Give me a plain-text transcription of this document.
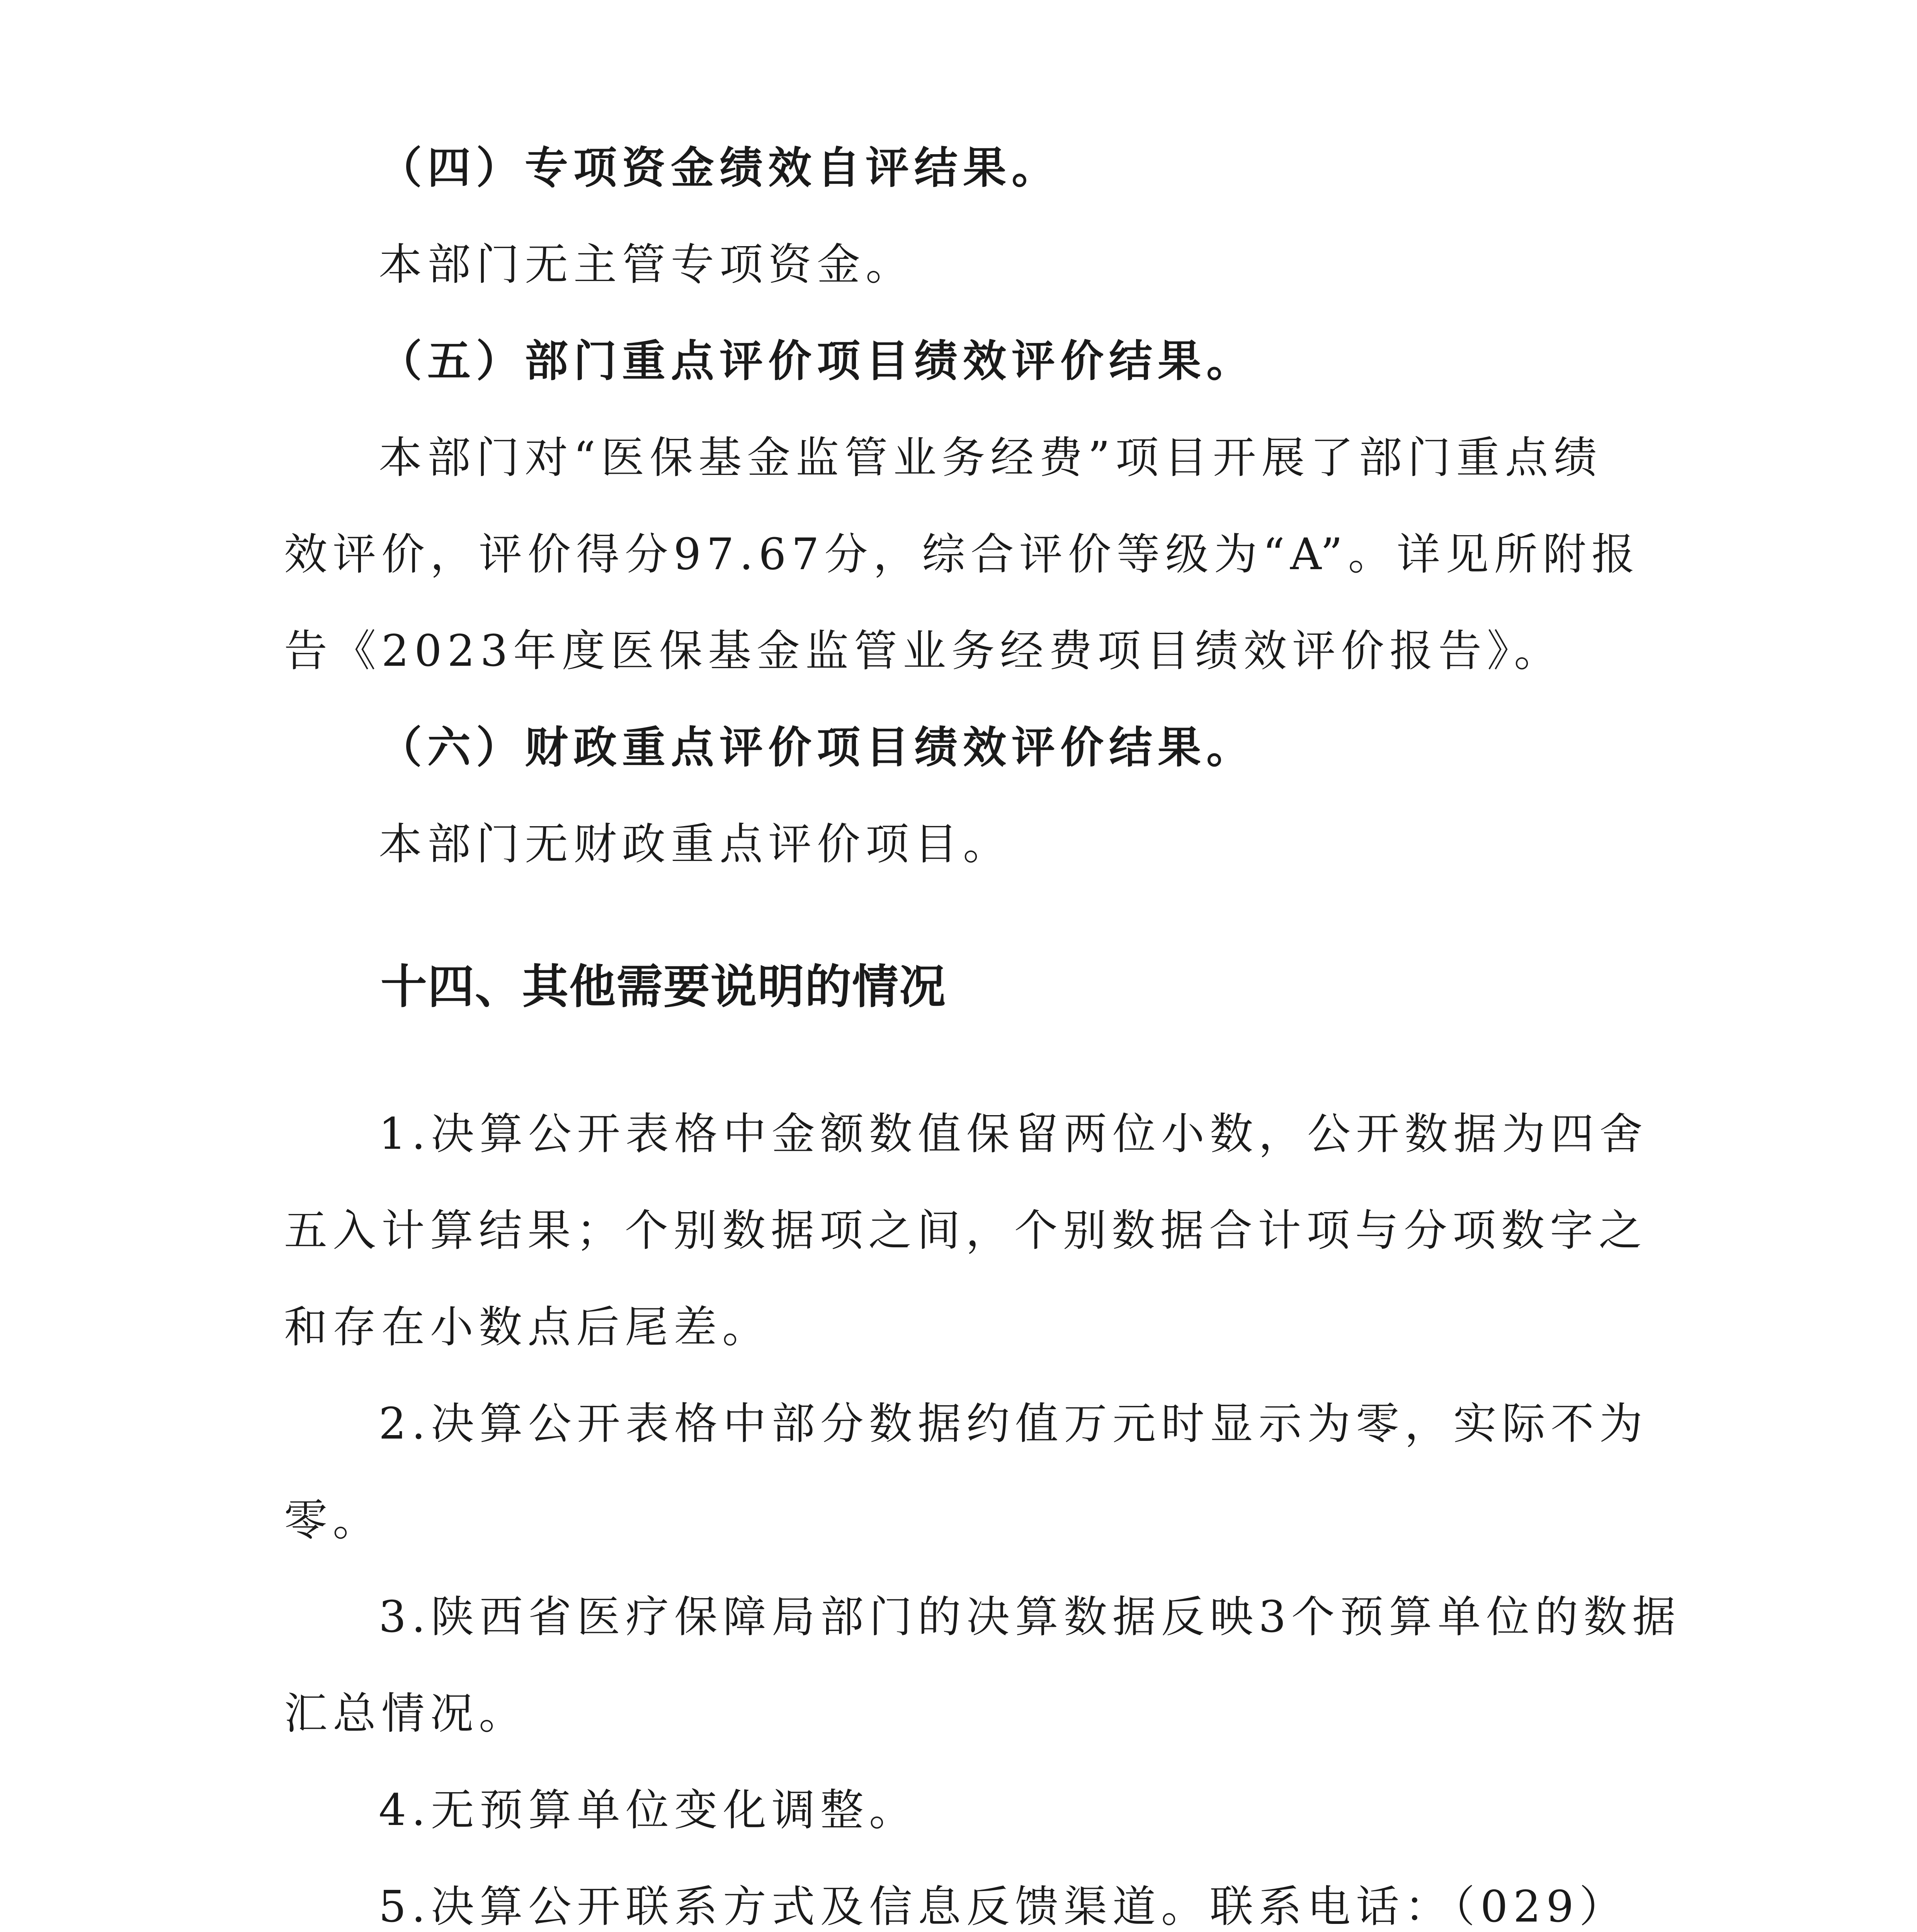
（四）专项资金绩效自评结果。
本部门无主管专项资金。
（五）部门重点评价项目绩效评价结果。
本部门对“医保基金监管业务经费”项目开展了部门重点绩
效评价，评价得分97.67分，综合评价等级为“A”。详见所附报
告《2023年度医保基金监管业务经费项目绩效评价报告》。
（六）财政重点评价项目绩效评价结果。
本部门无财政重点评价项目。
十四、其他需要说明的情况
1.决算公开表格中金额数值保留两位小数，公开数据为四舍
五入计算结果；个别数据项之间，个别数据合计项与分项数字之
和存在小数点后尾差。
2.决算公开表格中部分数据约值万元时显示为零，实际不为
零。
3.陕西省医疗保障局部门的决算数据反映3个预算单位的数据
汇总情况。
4.无预算单位变化调整。
5.决算公开联系方式及信息反馈渠道。联系电话：（029）
